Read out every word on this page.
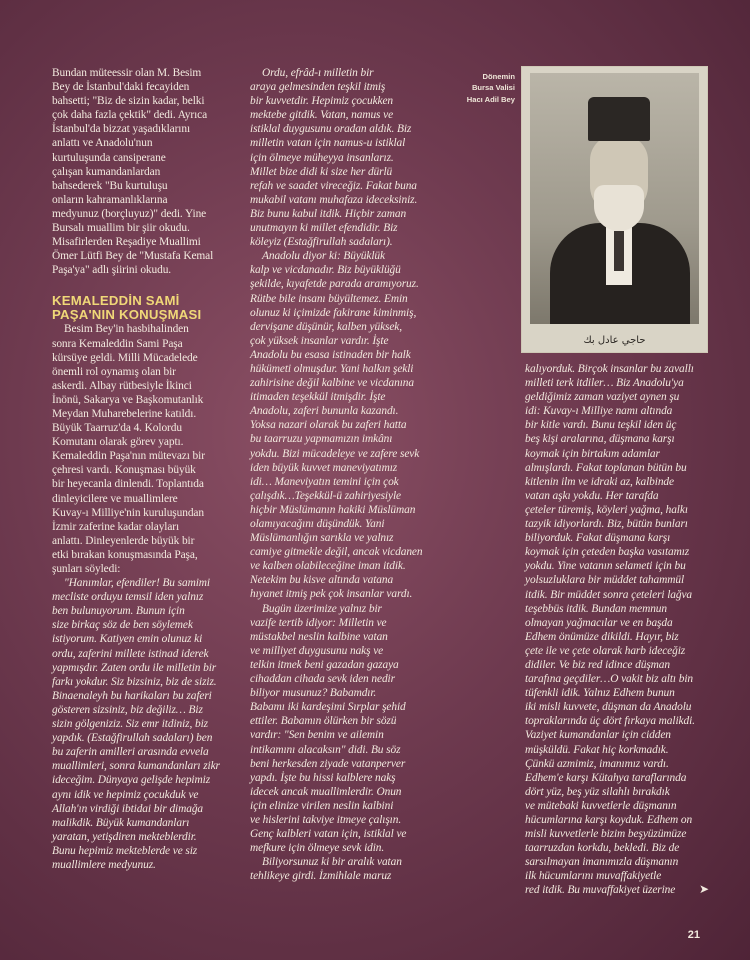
Bundan müteessir olan M. Besim
Bey de İstanbul'daki fecayiden
bahsetti; "Biz de sizin kadar, belki
çok daha fazla çektik" dedi. Ayrıca
İstanbul'da bizzat yaşadıklarını
anlattı ve Anadolu'nun
kurtuluşunda cansiperane
çalışan kumandanlardan
bahsederek "Bu kurtuluşu
onların kahramanlıklarına
medyunuz (borçluyuz)" dedi. Yine
Bursalı muallim bir şiir okudu.
Misafirlerden Reşadiye Muallimi
Ömer Lütfi Bey de "Mustafa Kemal
Paşa'ya" adlı şiirini okudu.
KEMALEDDİN SAMİ
PAŞA'NIN KONUŞMASI
Besim Bey'in hasbihalinden
sonra Kemaleddin Sami Paşa
kürsüye geldi. Milli Mücadelede
önemli rol oynamış olan bir
askerdi. Albay rütbesiyle İkinci
İnönü, Sakarya ve Başkomutanlık
Meydan Muharebelerine katıldı.
Büyük Taarruz'da 4. Kolordu
Komutanı olarak görev yaptı.
Kemaleddin Paşa'nın mütevazı bir
çehresi vardı. Konuşması büyük
bir heyecanla dinlendi. Toplantıda
dinleyicilere ve muallimlere
Kuvay-ı Milliye'nin kuruluşundan
İzmir zaferine kadar olayları
anlattı. Dinleyenlerde büyük bir
etki bırakan konuşmasında Paşa,
şunları söyledi:
"Hanımlar, efendiler! Bu samimi
mecliste orduyu temsil iden yalnız
ben bulunuyorum. Bunun için
size birkaç söz de ben söylemek
istiyorum. Katiyen emin olunuz ki
ordu, zaferini millete istinad iderek
yapmışdır. Zaten ordu ile milletin bir
farkı yokdur. Siz bizsiniz, biz de siziz.
Binaenaleyh bu harikaları bu zaferi
gösteren sizsiniz, biz değiliz… Biz
sizin gölgeniziz. Siz emr itdiniz, biz
yapdık. (Estağfirullah sadaları) ben
bu zaferin amilleri arasında evvela
muallimleri, sonra kumandanları zikr
ideceğim. Dünyaya gelişde hepimiz
aynı idik ve hepimiz çocukduk ve
Allah'ın virdiği ibtidai bir dimağa
malikdik. Büyük kumandanları
yaratan, yetişdiren mekteblerdir.
Bunu hepimiz mekteblerde ve siz
muallimlere medyunuz.
Ordu, efrâd-ı milletin bir
araya gelmesinden teşkil itmiş
bir kuvvetdir. Hepimiz çocukken
mektebe gitdik. Vatan, namus ve
istiklal duygusunu oradan aldık. Biz
milletin vatan için namus-u istiklal
için ölmeye müheyya insanlarız.
Millet bize didi ki size her dürlü
refah ve saadet vireceğiz. Fakat buna
mukabil vatanı muhafaza ideceksiniz.
Biz bunu kabul itdik. Hiçbir zaman
unutmayın ki millet efendidir. Biz
köleyiz (Estağfirullah sadaları).
Anadolu diyor ki: Büyüklük
kalp ve vicdanadır. Biz büyüklüğü
şekilde, kıyafetde parada aramıyoruz.
Rütbe bile insanı büyültemez. Emin
olunuz ki içimizde fakirane kiminmiş,
dervişane düşünür, kalben yüksek,
çok yüksek insanlar vardır. İşte
Anadolu bu esasa istinaden bir halk
hükümeti olmuşdur. Yani halkın şekli
zahirisine değil kalbine ve vicdanına
itimaden teşekkül itmişdir. İşte
Anadolu, zaferi bununla kazandı.
Yoksa nazari olarak bu zaferi hatta
bu taarruzu yapmamızın imkânı
yokdu. Bizi mücadeleye ve zafere sevk
iden büyük kuvvet maneviyatımız
idi… Maneviyatın temini için çok
çalışdık…Teşekkül-ü zahiriyesiyle
hiçbir Müslümanın hakiki Müslüman
olamıyacağını düşündük. Yani
Müslümanlığın sarıkla ve yalnız
camiye gitmekle değil, ancak vicdanen
ve kalben olabileceğine iman itdik.
Netekim bu kisve altında vatana
hıyanet itmiş pek çok insanlar vardı.
Bugün üzerimize yalnız bir
vazife tertib idiyor: Milletin ve
müstakbel neslin kalbine vatan
ve milliyet duygusunu nakş ve
telkin itmek beni gazadan gazaya
cihaddan cihada sevk iden nedir
biliyor musunuz? Babamdır.
Babamı iki kardeşimi Sırplar şehid
ettiler. Babamın ölürken bir sözü
vardır: "Sen benim ve ailemin
intikamını alacaksın" didi. Bu söz
beni herkesden ziyade vatanperver
yapdı. İşte bu hissi kalblere nakş
idecek ancak muallimlerdir. Onun
için elinize virilen neslin kalbini
ve hislerini takviye itmeye çalışın.
Genç kalbleri vatan için, istiklal ve
mefkure için ölmeye sevk idin.
Biliyorsunuz ki bir aralık vatan
tehlikeye girdi. İzmihlale maruz
Dönemin
Bursa Valisi
Hacı Adil Bey
حاجي عادل بك
kalıyorduk. Birçok insanlar bu zavallı
milleti terk itdiler… Biz Anadolu'ya
geldiğimiz zaman vaziyet aynen şu
idi: Kuvay-ı Milliye namı altında
bir kitle vardı. Bunu teşkil iden üç
beş kişi aralarına, düşmana karşı
koymak için birtakım adamlar
almışlardı. Fakat toplanan bütün bu
kitlenin ilm ve idraki az, kalbinde
vatan aşkı yokdu. Her tarafda
çeteler türemiş, köyleri yağma, halkı
tazyik idiyorlardı. Biz, bütün bunları
biliyorduk. Fakat düşmana karşı
koymak için çeteden başka vasıtamız
yokdu. Yine vatanın selameti için bu
yolsuzluklara bir müddet tahammül
itdik. Bir müddet sonra çeteleri lağva
teşebbüs itdik. Bundan memnun
olmayan yağmacılar ve en başda
Edhem önümüze dikildi. Hayır, biz
çete ile ve çete olarak harb ideceğiz
didiler. Ve biz red idince düşman
tarafına geçdiler…O vakit biz altı bin
tüfenkli idik. Yalnız Edhem bunun
iki misli kuvvete, düşman da Anadolu
topraklarında üç dört fırkaya malikdi.
Vaziyet kumandanlar için cidden
müşküldü. Fakat hiç korkmadık.
Çünkü azmimiz, imanımız vardı.
Edhem'e karşı Kütahya taraflarında
dört yüz, beş yüz silahlı bırakdık
ve mütebaki kuvvetlerle düşmanın
hücumlarına karşı koyduk. Edhem on
misli kuvvetlerle bizim beşyüzümüze
taarruzdan korkdu, bekledi. Biz de
sarsılmayan imanımızla düşmanın
ilk hücumlarını muvaffakiyetle
red itdik. Bu muvaffakiyet üzerine	➤
21
